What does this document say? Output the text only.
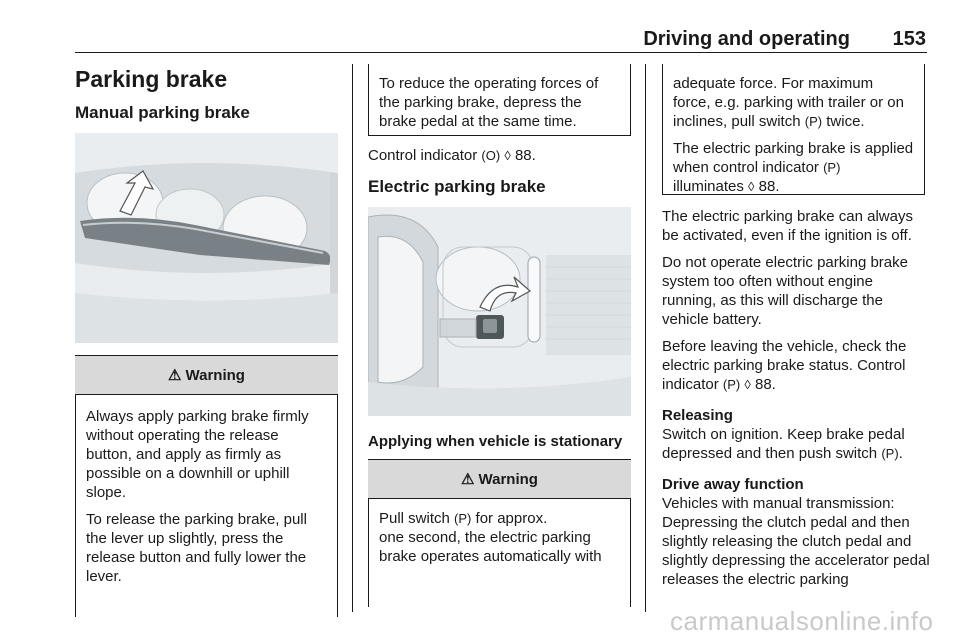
Driving and operating	153
Parking brake
Manual parking brake
⚠ Warning

Always apply parking brake firmly without operating the release button, and apply as firmly as possible on a downhill or uphill slope.

To release the parking brake, pull the lever up slightly, press the release button and fully lower the lever.

To reduce the operating forces of the parking brake, depress the brake pedal at the same time.
Control indicator (O) ◊ 88.
Electric parking brake
Applying when vehicle is stationary
⚠ Warning
Pull switch (P) for approx.
one second, the electric parking brake operates automatically with

adequate force. For maximum force, e.g. parking with trailer or on inclines, pull switch (P) twice.

The electric parking brake is applied when control indicator (P) illuminates ◊ 88.

The electric parking brake can always be activated, even if the ignition is off.

Do not operate electric parking brake system too often without engine running, as this will discharge the vehicle battery.

Before leaving the vehicle, check the electric parking brake status. Control indicator (P) ◊ 88.

Releasing

Switch on ignition. Keep brake pedal depressed and then push switch (P).

Drive away function

Vehicles with manual transmission: Depressing the clutch pedal and then slightly releasing the clutch pedal and slightly depressing the accelerator pedal releases the electric parking

carmanualsonline.info
